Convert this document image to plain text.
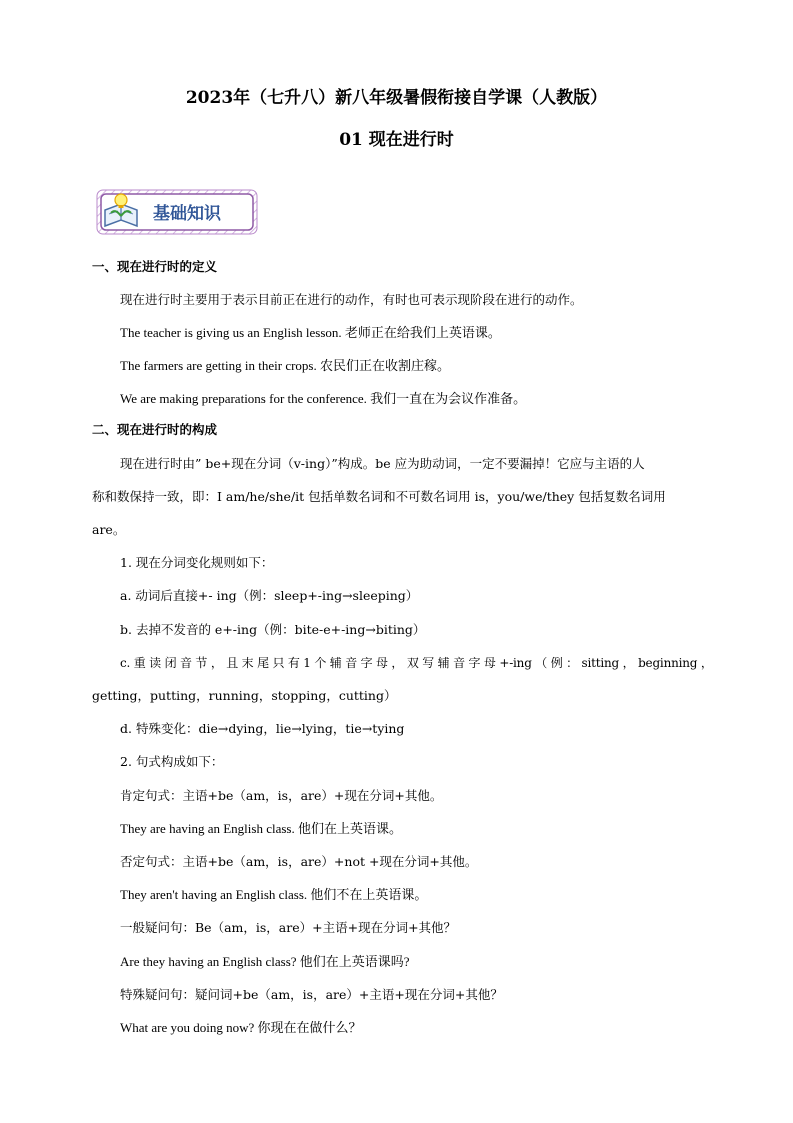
2023年（七升八）新八年级暑假衔接自学课（人教版）
01 现在进行时
基础知识

一、现在进行时的定义

现在进行时主要用于表示目前正在进行的动作，有时也可表示现阶段在进行的动作。

The teacher is giving us an English lesson. 老师正在给我们上英语课。

The farmers are getting in their crops. 农民们正在收割庄稼。

We are making preparations for the conference. 我们一直在为会议作准备。

二、现在进行时的构成

现在进行时由” be+现在分词（v-ing）”构成。be 应为助动词，一定不要漏掉！它应与主语的人

称和数保持一致，即：I am/he/she/it 包括单数名词和不可数名词用 is，you/we/they 包括复数名词用

are。

1. 现在分词变化规则如下：

a. 动词后直接+- ing（例：sleep+-ing→sleeping）

b. 去掉不发音的 e+-ing（例：bite-e+-ing→biting）

c. 重 读 闭 音 节 ， 且 末 尾 只 有 1 个 辅 音 字 母 ， 双 写 辅 音 字 母 +-ing （ 例 ： sitting ， beginning ，

getting，putting，running，stopping，cutting）

d. 特殊变化：die→dying，lie→lying，tie→tying

2. 句式构成如下：

肯定句式：主语+be（am，is，are）+现在分词+其他。

They are having an English class. 他们在上英语课。

否定句式：主语+be（am，is，are）+not +现在分词+其他。

They aren't having an English class. 他们不在上英语课。

一般疑问句：Be（am，is，are）+主语+现在分词+其他？

Are they having an English class? 他们在上英语课吗?

特殊疑问句：疑问词+be（am，is，are）+主语+现在分词+其他？

What are you doing now? 你现在在做什么？
